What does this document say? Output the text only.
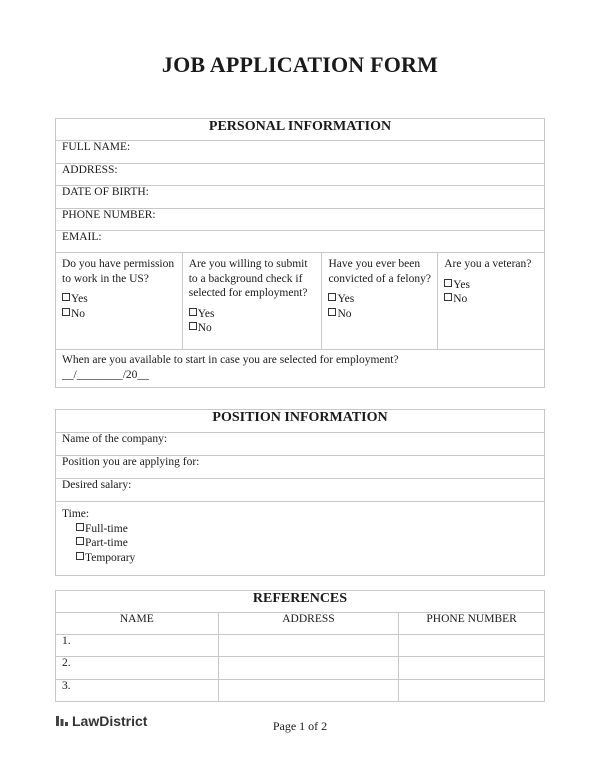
JOB APPLICATION FORM
PERSONAL INFORMATION
FULL NAME:
ADDRESS:
DATE OF BIRTH:
PHONE NUMBER:
EMAIL:

Do you have permission to work in the US?
Yes
No

Are you willing to submit to a background check if selected for employment?
Yes
No

Have you ever been convicted of a felony?
Yes
No

Are you a veteran?
Yes
No

When are you available to start in case you are selected for employment?
__/________/20__
POSITION INFORMATION
Name of the company:
Position you are applying for:
Desired salary:

Time:
Full-time
Part-time
Temporary
REFERENCES		
NAME	ADDRESS	PHONE NUMBER
1.		
2.		
3.		
LawDistrict	Page 1 of 2
